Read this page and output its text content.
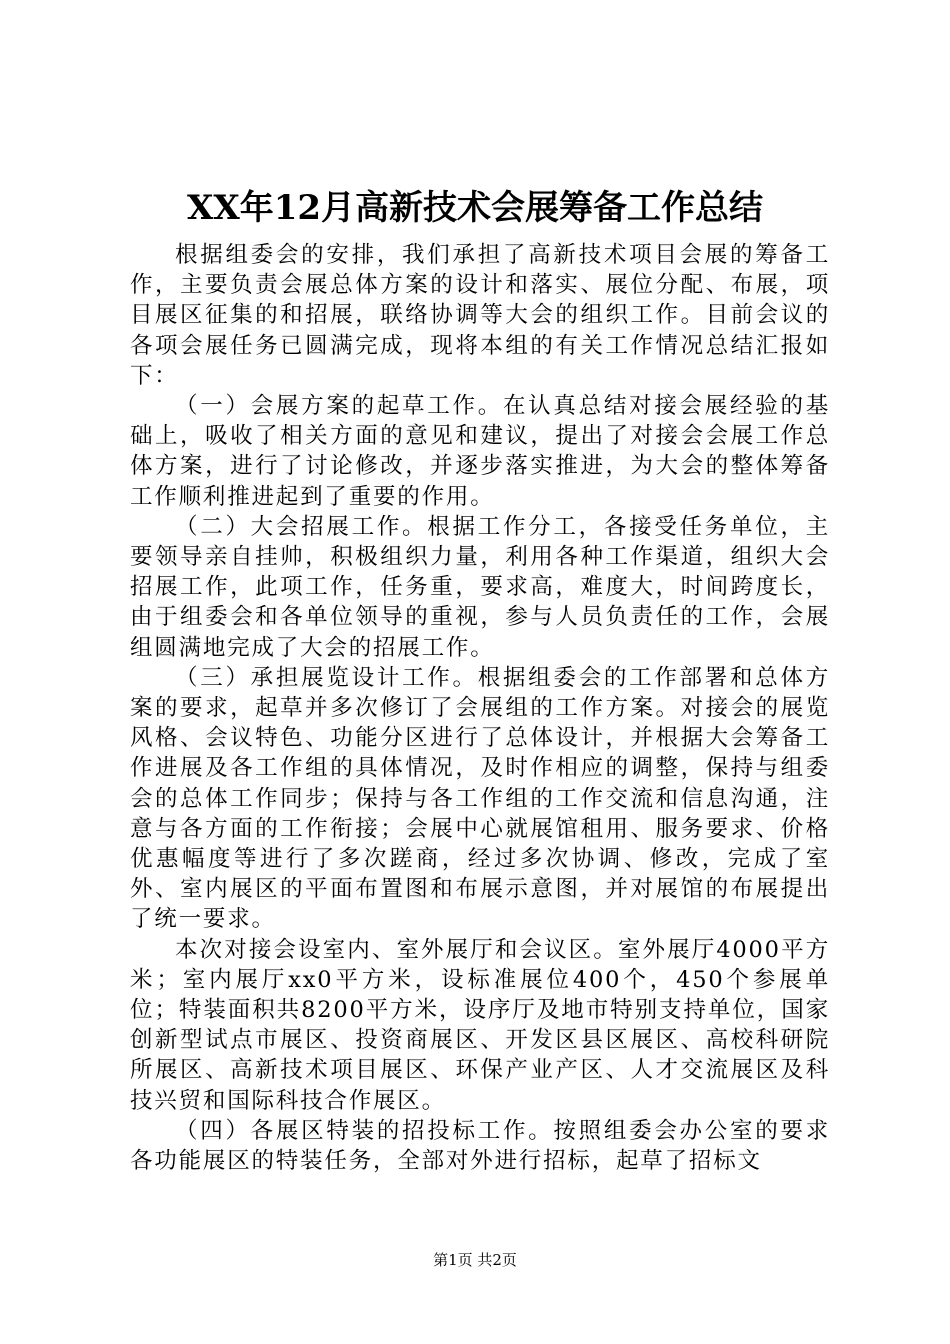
XX年12月高新技术会展筹备工作总结

根据组委会的安排，我们承担了高新技术项目会展的筹备工作，主要负责会展总体方案的设计和落实、展位分配、布展，项目展区征集的和招展，联络协调等大会的组织工作。目前会议的各项会展任务已圆满完成，现将本组的有关工作情况总结汇报如下：

（一）会展方案的起草工作。在认真总结对接会展经验的基础上，吸收了相关方面的意见和建议，提出了对接会会展工作总体方案，进行了讨论修改，并逐步落实推进，为大会的整体筹备工作顺利推进起到了重要的作用。

（二）大会招展工作。根据工作分工，各接受任务单位，主要领导亲自挂帅，积极组织力量，利用各种工作渠道，组织大会招展工作，此项工作，任务重，要求高，难度大，时间跨度长，由于组委会和各单位领导的重视，参与人员负责任的工作，会展组圆满地完成了大会的招展工作。

（三）承担展览设计工作。根据组委会的工作部署和总体方案的要求，起草并多次修订了会展组的工作方案。对接会的展览风格、会议特色、功能分区进行了总体设计，并根据大会筹备工作进展及各工作组的具体情况，及时作相应的调整，保持与组委会的总体工作同步；保持与各工作组的工作交流和信息沟通，注意与各方面的工作衔接；会展中心就展馆租用、服务要求、价格优惠幅度等进行了多次蹉商，经过多次协调、修改，完成了室外、室内展区的平面布置图和布展示意图，并对展馆的布展提出了统一要求。

本次对接会设室内、室外展厅和会议区。室外展厅4000平方米；室内展厅xx0平方米，设标准展位400个，450个参展单位；特装面积共8200平方米，设序厅及地市特别支持单位，国家创新型试点市展区、投资商展区、开发区县区展区、高校科研院所展区、高新技术项目展区、环保产业产区、人才交流展区及科技兴贸和国际科技合作展区。

（四）各展区特装的招投标工作。按照组委会办公室的要求各功能展区的特装任务，全部对外进行招标，起草了招标文

第1页 共2页
